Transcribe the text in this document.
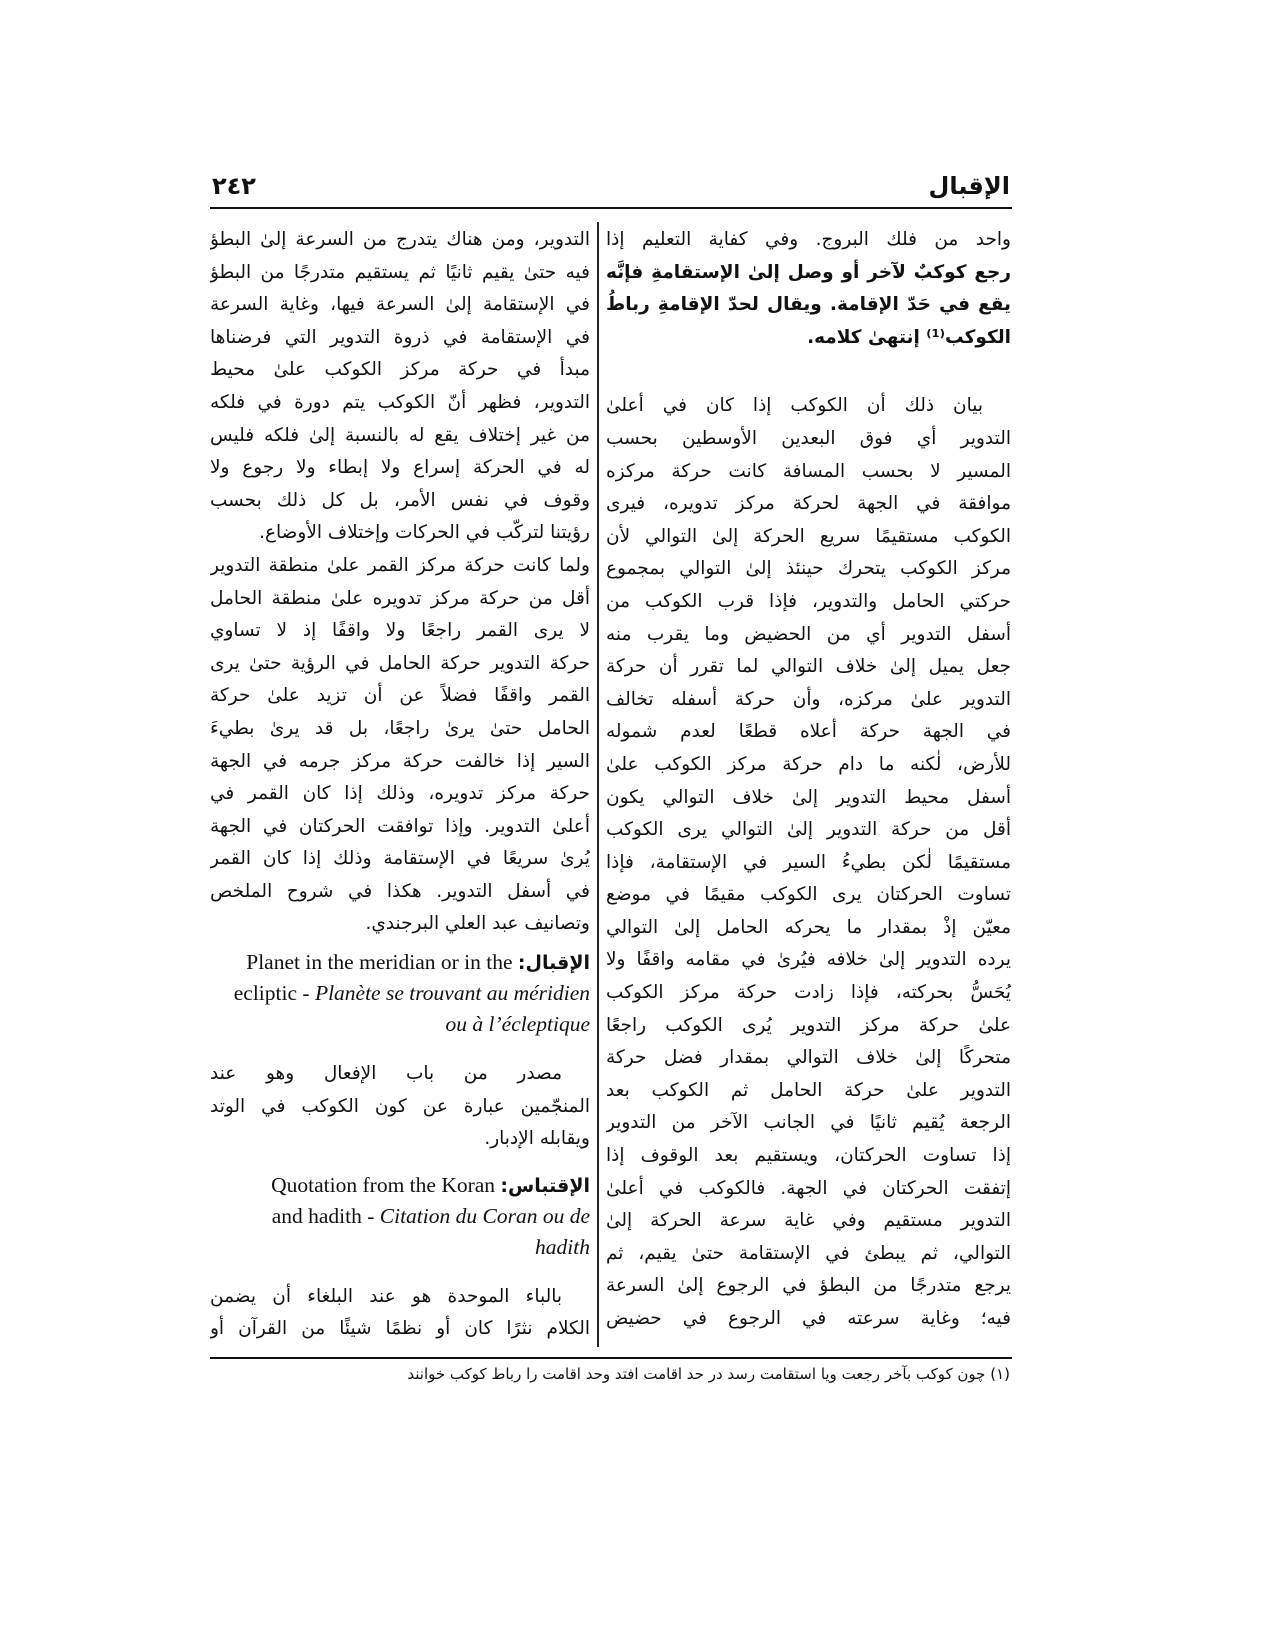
الإقبال
٢٤٢
واحد من فلك البروج. وفي كفاية التعليم إذا
رجع كوكبٌ لآخر أو وصل إلىٰ الإستقامةِ فإنَّه
يقع في حَدّ الإقامة. ويقال لحدّ الإقامةِ رباطُ
الكوكب⁽¹⁾ إنتهىٰ كلامه.
بيان ذلك أن الكوكب إذا كان في أعلىٰ
التدوير أي فوق البعدين الأوسطين بحسب
المسير لا بحسب المسافة كانت حركة مركزه
موافقة في الجهة لحركة مركز تدويره، فيرى
الكوكب مستقيمًا سريع الحركة إلىٰ التوالي لأن
مركز الكوكب يتحرك حينئذ إلىٰ التوالي بمجموع
حركتي الحامل والتدوير، فإذا قرب الكوكب من
أسفل التدوير أي من الحضيض وما يقرب منه
جعل يميل إلىٰ خلاف التوالي لما تقرر أن حركة
التدوير علىٰ مركزه، وأن حركة أسفله تخالف
في الجهة حركة أعلاه قطعًا لعدم شموله
للأرض، لٰكنه ما دام حركة مركز الكوكب علىٰ
أسفل محيط التدوير إلىٰ خلاف التوالي يكون
أقل من حركة التدوير إلىٰ التوالي يرى الكوكب
مستقيمًا لٰكن بطيءُ السير في الإستقامة، فإذا
تساوت الحركتان يرى الكوكب مقيمًا في موضع
معيّن إذْ بمقدار ما يحركه الحامل إلىٰ التوالي
يرده التدوير إلىٰ خلافه فيُرىٰ في مقامه واقفًا ولا
يُحَسُّ بحركته، فإذا زادت حركة مركز الكوكب
علىٰ حركة مركز التدوير يُرى الكوكب راجعًا
متحركًا إلىٰ خلاف التوالي بمقدار فضل حركة
التدوير علىٰ حركة الحامل ثم الكوكب بعد
الرجعة يُقيم ثانيًا في الجانب الآخر من التدوير
إذا تساوت الحركتان، ويستقيم بعد الوقوف إذا
إتفقت الحركتان في الجهة. فالكوكب في أعلىٰ
التدوير مستقيم وفي غاية سرعة الحركة إلىٰ
التوالي، ثم يبطئ في الإستقامة حتىٰ يقيم، ثم
يرجع متدرجًا من البطؤ في الرجوع إلىٰ السرعة
فيه؛ وغاية سرعته في الرجوع في حضيض
التدوير، ومن هناك يتدرج من السرعة إلىٰ البطؤ
فيه حتىٰ يقيم ثانيًا ثم يستقيم متدرجًا من البطؤ
في الإستقامة إلىٰ السرعة فيها، وغاية السرعة
في الإستقامة في ذروة التدوير التي فرضناها
مبدأ في حركة مركز الكوكب علىٰ محيط
التدوير، فظهر أنّ الكوكب يتم دورة في فلكه
من غير إختلاف يقع له بالنسبة إلىٰ فلكه فليس
له في الحركة إسراع ولا إبطاء ولا رجوع ولا
وقوف في نفس الأمر، بل كل ذلك بحسب
رؤيتنا لتركّب في الحركات وإختلاف الأوضاع.
ولما كانت حركة مركز القمر علىٰ منطقة التدوير
أقل من حركة مركز تدويره علىٰ منطقة الحامل
لا يرى القمر راجعًا ولا واقفًا إذ لا تساوي
حركة التدوير حركة الحامل في الرؤية حتىٰ يرى
القمر واقفًا فضلاً عن أن تزيد علىٰ حركة
الحامل حتىٰ يرىٰ راجعًا، بل قد يرىٰ بطيءَ
السير إذا خالفت حركة مركز جرمه في الجهة
حركة مركز تدويره، وذلك إذا كان القمر في
أعلىٰ التدوير. وإذا توافقت الحركتان في الجهة
يُرىٰ سريعًا في الإستقامة وذلك إذا كان القمر
في أسفل التدوير. هكذا في شروح الملخص
وتصانيف عبد العلي البرجندي.
Planet in the meridian or in the الإقبال:
ecliptic - Planète se trouvant au méridien
ou à l’écleptique
مصدر من باب الإفعال وهو عند
المنجّمين عبارة عن كون الكوكب في الوتد
ويقابله الإدبار.
Quotation from the Koran الإقتباس:
and hadith - Citation du Coran ou de
hadith
بالباء الموحدة هو عند البلغاء أن يضمن
الكلام نثرًا كان أو نظمًا شيئًا من القرآن أو
(١) چون كوكب بآخر رجعت ويا استقامت رسد در حد اقامت افتد وحد اقامت را رباط كوكب خوانند
